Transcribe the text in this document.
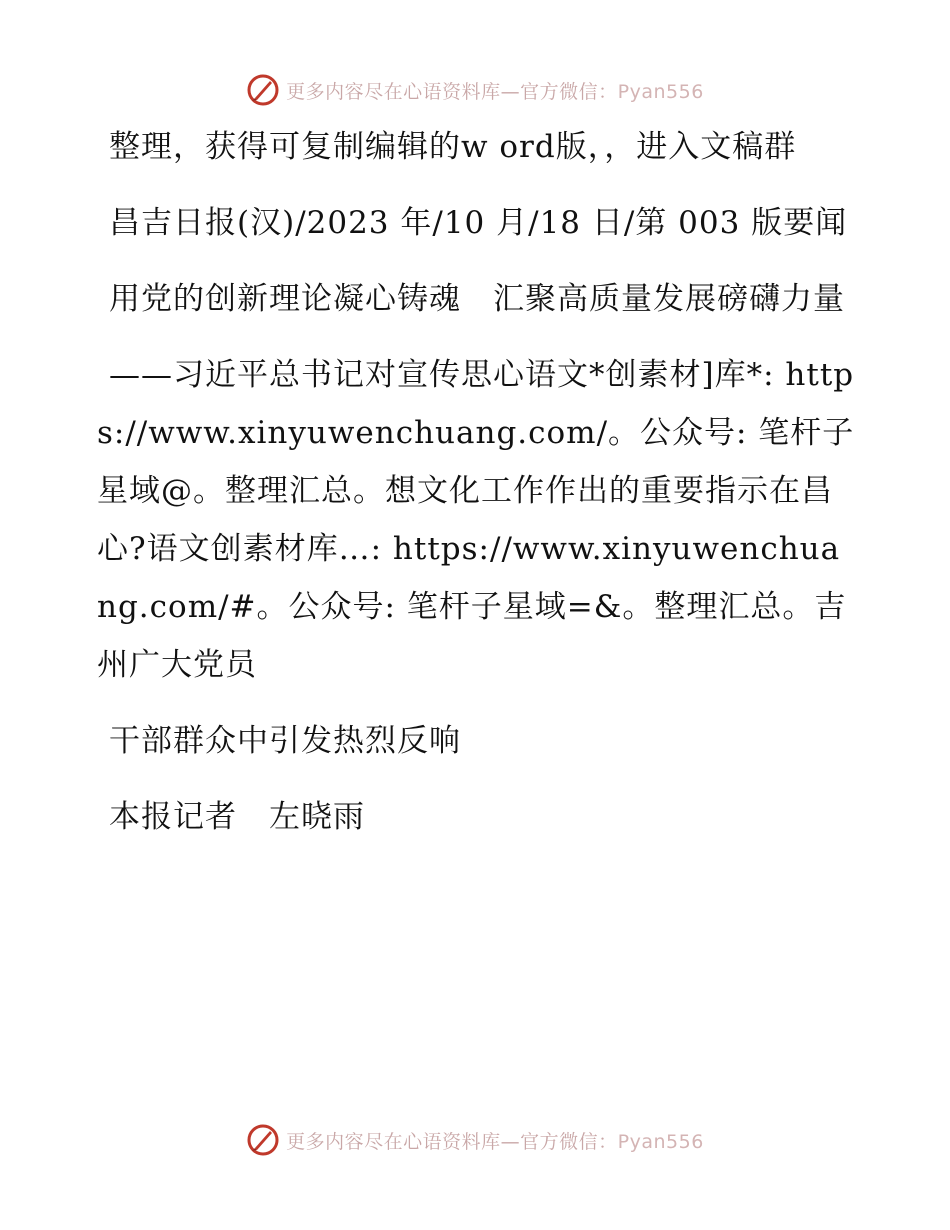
更多内容尽在心语资料库—官方微信：Pyan556

整理，获得可复制编辑的w ord版，，进入文稿群

昌吉日报(汉)/2023 年/10 月/18 日/第 003 版要闻

用党的创新理论凝心铸魂　汇聚高质量发展磅礴力量

——习近平总书记对宣传思心语文*创素材]库*: https://www.xinyuwenchuang.com/。公众号: 笔杆子星域@。整理汇总。想文化工作作出的重要指示在昌心?语文创素材库…: https://www.xinyuwenchuang.com/#。公众号: 笔杆子星域=&。整理汇总。吉州广大党员

干部群众中引发热烈反响

本报记者　左晓雨

更多内容尽在心语资料库—官方微信：Pyan556
